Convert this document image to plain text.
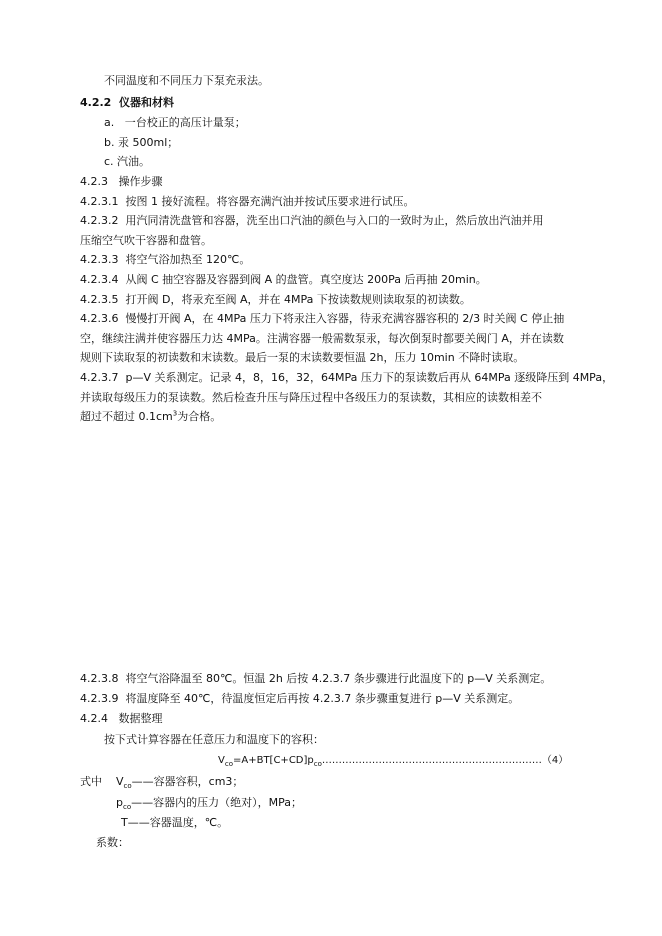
不同温度和不同压力下泵充汞法。
4.2.2 仪器和材料
a. 一台校正的高压计量泵；
b. 汞 500ml；
c. 汽油。
4.2.3 操作步骤
4.2.3.1 按图 1 接好流程。将容器充满汽油并按试压要求进行试压。
4.2.3.2 用汽同清洗盘管和容器，洗至出口汽油的颜色与入口的一致时为止，然后放出汽油并用
压缩空气吹干容器和盘管。
4.2.3.3 将空气浴加热至 120℃。
4.2.3.4 从阀 C 抽空容器及容器到阀 A 的盘管。真空度达 200Pa 后再抽 20min。
4.2.3.5 打开阀 D，将汞充至阀 A，并在 4MPa 下按读数规则读取泵的初读数。
4.2.3.6 慢慢打开阀 A，在 4MPa 压力下将汞注入容器，待汞充满容器容积的 2/3 时关阀 C 停止抽
空，继续注满并使容器压力达 4MPa。注满容器一般需数泵汞，每次倒泵时都要关阀门 A，并在读数
规则下读取泵的初读数和末读数。最后一泵的末读数要恒温 2h，压力 10min 不降时读取。
4.2.3.7 p—V 关系测定。记录 4，8，16，32，64MPa 压力下的泵读数后再从 64MPa 逐级降压到 4MPa，
并读取每级压力的泵读数。然后检查升压与降压过程中各级压力的泵读数，其相应的读数相差不
超过不超过 $0.1cm^3$为合格。
4.2.3.8 将空气浴降温至 80℃。恒温 2h 后按 4.2.3.7 条步骤进行此温度下的 p—V 关系测定。
4.2.3.9 将温度降至 40℃，待温度恒定后再按 4.2.3.7 条步骤重复进行 p—V 关系测定。
4.2.4 数据整理
按下式计算容器在任意压力和温度下的容积：
$V_{co}=A+BT[C+CD]p_{co}\dots\dots\dots\dots\dots\dots\dots\dots\dots\dots\dots\dots\dots\dots\dots\dots\dots\dots\dots\dots\dots\dots(4)$
式中 $V_{co}——$容器容积，cm3；
$p_{co}——$容器内的压力（绝对），MPa；
T——容器温度，℃。
系数：
